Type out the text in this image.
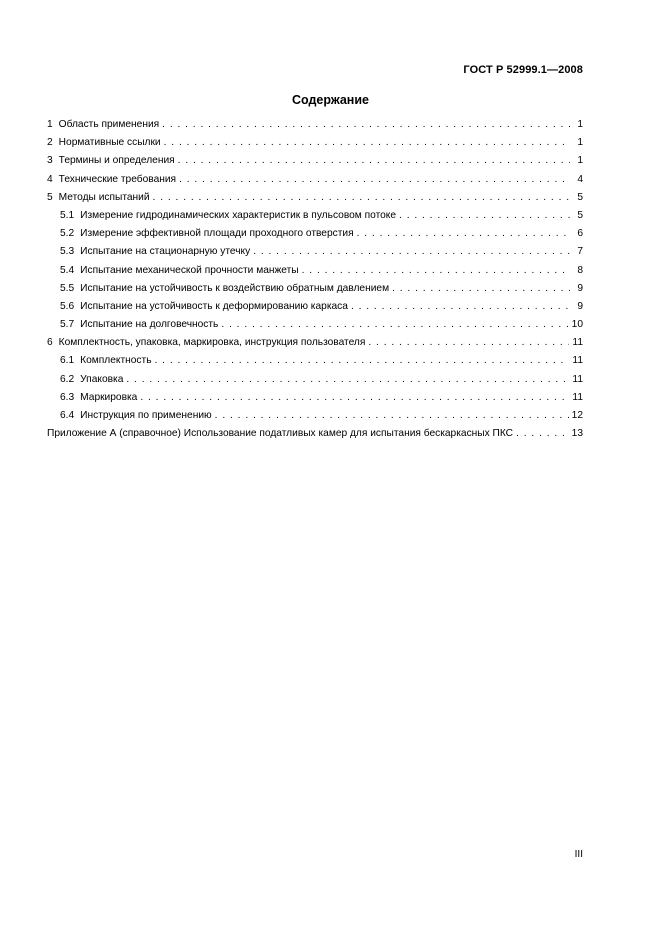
ГОСТ Р 52999.1—2008
Содержание
1 Область применения . . .	1
2 Нормативные ссылки . . .	1
3 Термины и определения . . .	1
4 Технические требования . . .	4
5 Методы испытаний . . .	5
5.1 Измерение гидродинамических характеристик в пульсовом потоке . . .	5
5.2 Измерение эффективной площади проходного отверстия . . .	6
5.3 Испытание на стационарную утечку . . .	7
5.4 Испытание механической прочности манжеты . . .	8
5.5 Испытание на устойчивость к воздействию обратным давлением . . .	9
5.6 Испытание на устойчивость к деформированию каркаса . . .	9
5.7 Испытание на долговечность . . .	10
6 Комплектность, упаковка, маркировка, инструкция пользователя . . .	11
6.1 Комплектность . . .	11
6.2 Упаковка . . .	11
6.3 Маркировка . . .	11
6.4 Инструкция по применению . . .	12
Приложение А (справочное) Использование податливых камер для испытания бескаркасных ПКС . . .	13
III
